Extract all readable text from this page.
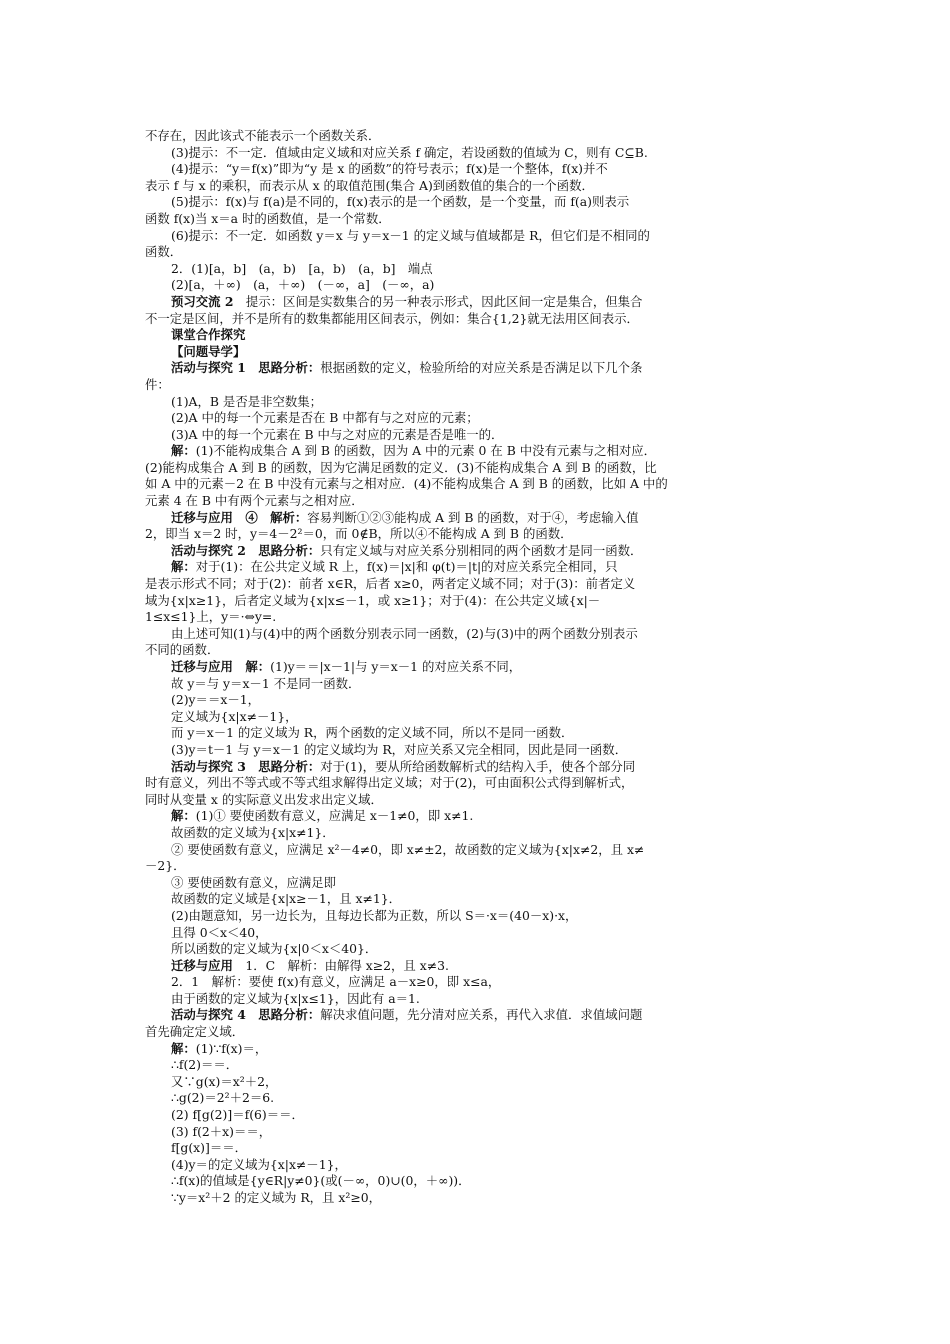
不存在，因此该式不能表示一个函数关系．
(3)提示：不一定．值域由定义域和对应关系 f 确定，若设函数的值域为 C，则有 C⊆B.
(4)提示：“y＝f(x)”即为“y 是 x 的函数”的符号表示；f(x)是一个整体，f(x)并不
表示 f 与 x 的乘积，而表示从 x 的取值范围(集合 A)到函数值的集合的一个函数．
(5)提示：f(x)与 f(a)是不同的，f(x)表示的是一个函数，是一个变量，而 f(a)则表示
函数 f(x)当 x＝a 时的函数值，是一个常数．
(6)提示：不一定．如函数 y＝x 与 y＝x－1 的定义域与值域都是 R，但它们是不相同的
函数．
2．(1)[a，b]　(a，b)　[a，b)　(a，b]　端点
(2)[a，＋∞)　(a，＋∞)　(－∞，a]　(－∞，a)
预习交流 2　提示：区间是实数集合的另一种表示形式，因此区间一定是集合，但集合
不一定是区间，并不是所有的数集都能用区间表示，例如：集合{1,2}就无法用区间表示．
课堂合作探究
【问题导学】
活动与探究 1　思路分析：根据函数的定义，检验所给的对应关系是否满足以下几个条
件：
(1)A，B 是否是非空数集；
(2)A 中的每一个元素是否在 B 中都有与之对应的元素；
(3)A 中的每一个元素在 B 中与之对应的元素是否是唯一的．
解：(1)不能构成集合 A 到 B 的函数，因为 A 中的元素 0 在 B 中没有元素与之相对应．
(2)能构成集合 A 到 B 的函数，因为它满足函数的定义．(3)不能构成集合 A 到 B 的函数，比
如 A 中的元素－2 在 B 中没有元素与之相对应．(4)不能构成集合 A 到 B 的函数，比如 A 中的
元素 4 在 B 中有两个元素与之相对应．
迁移与应用　④　解析：容易判断①②③能构成 A 到 B 的函数，对于④，考虑输入值
2，即当 x＝2 时，y＝4－2²＝0，而 0∉B，所以④不能构成 A 到 B 的函数．
活动与探究 2　思路分析：只有定义域与对应关系分别相同的两个函数才是同一函数．
解：对于(1)：在公共定义域 R 上，f(x)＝|x|和 φ(t)＝|t|的对应关系完全相同，只
是表示形式不同；对于(2)：前者 x∈R，后者 x≥0，两者定义域不同；对于(3)：前者定义
域为{x|x≥1}，后者定义域为{x|x≤－1，或 x≥1}；对于(4)：在公共定义域{x|－
1≤x≤1}上，y＝·⇔y=.
由上述可知(1)与(4)中的两个函数分别表示同一函数，(2)与(3)中的两个函数分别表示
不同的函数．
迁移与应用　解：(1)y＝＝|x－1|与 y＝x－1 的对应关系不同，
故 y＝与 y＝x－1 不是同一函数．
(2)y＝＝x－1，
定义域为{x|x≠－1}，
而 y＝x－1 的定义域为 R，两个函数的定义域不同，所以不是同一函数．
(3)y＝t－1 与 y＝x－1 的定义域均为 R，对应关系又完全相同，因此是同一函数．
活动与探究 3　思路分析：对于(1)，要从所给函数解析式的结构入手，使各个部分同
时有意义，列出不等式或不等式组求解得出定义域；对于(2)，可由面积公式得到解析式，
同时从变量 x 的实际意义出发求出定义域．
解：(1)① 要使函数有意义，应满足 x－1≠0，即 x≠1.
故函数的定义域为{x|x≠1}．
② 要使函数有意义，应满足 x²－4≠0，即 x≠±2，故函数的定义域为{x|x≠2，且 x≠
－2}．
③ 要使函数有意义，应满足即
故函数的定义域是{x|x≥－1，且 x≠1}．
(2)由题意知，另一边长为，且每边长都为正数，所以 S＝·x＝(40－x)·x，
且得 0＜x＜40，
所以函数的定义域为{x|0＜x＜40}．
迁移与应用　1．C　解析：由解得 x≥2，且 x≠3.
2．1　解析：要使 f(x)有意义，应满足 a－x≥0，即 x≤a，
由于函数的定义域为{x|x≤1}，因此有 a＝1.
活动与探究 4　思路分析：解决求值问题，先分清对应关系，再代入求值．求值域问题
首先确定定义域．
解：(1)∵f(x)＝，
∴f(2)＝＝．
又∵g(x)＝x²＋2，
∴g(2)＝2²＋2＝6.
(2) f[g(2)]＝f(6)＝＝．
(3) f(2＋x)＝＝，
f[g(x)]＝＝．
(4)y＝的定义域为{x|x≠－1}，
∴f(x)的值域是{y∈R|y≠0}(或(－∞，0)∪(0，＋∞))．
∵y＝x²＋2 的定义域为 R，且 x²≥0，
